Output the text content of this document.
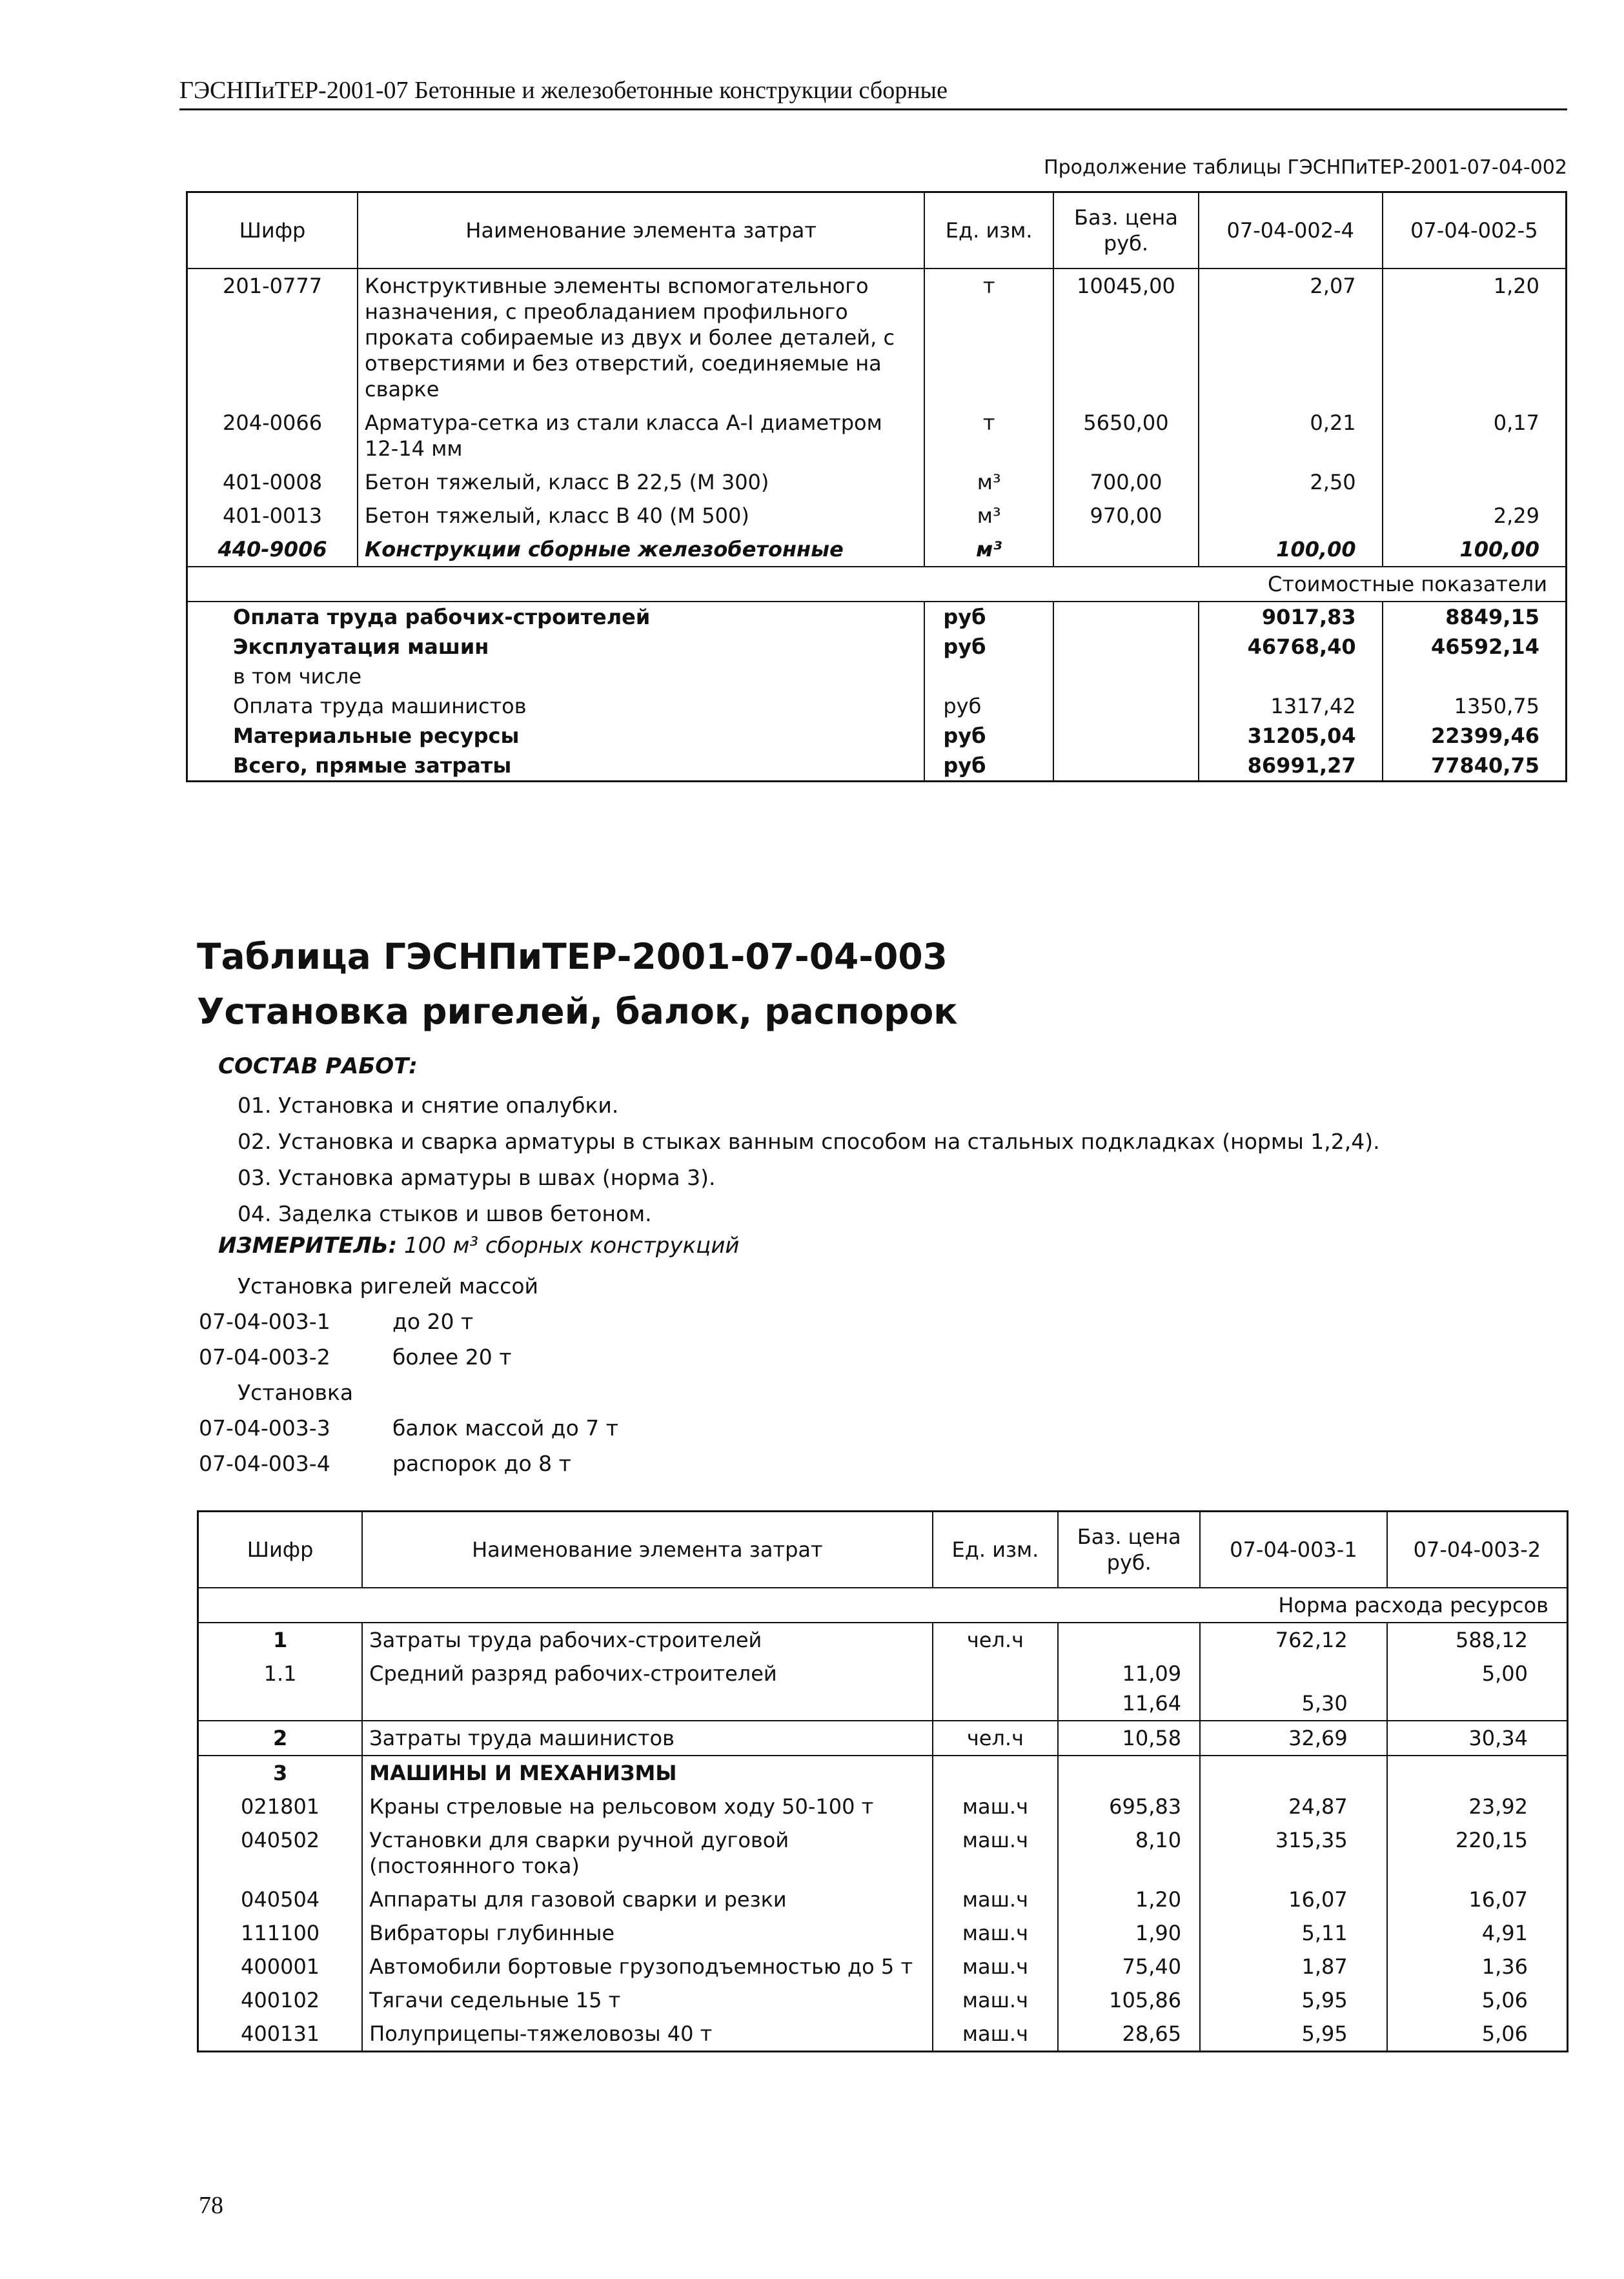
ГЭСНПиТЕР-2001-07 Бетонные и железобетонные конструкции сборные
Продолжение таблицы ГЭСНПиТЕР-2001-07-04-002
Шифр	Наименование элемента затрат	Ед. изм.	Баз. цена руб.	07-04-002-4	07-04-002-5
201-0777	Конструктивные элементы вспомогательного назначения, с преобладанием профильного проката собираемые из двух и более деталей, с отверстиями и без отверстий, соединяемые на сварке	т	10045,00	2,07	1,20
204-0066	Арматура-сетка из стали класса А-I диаметром 12-14 мм	т	5650,00	0,21	0,17
401-0008	Бетон тяжелый, класс В 22,5 (М 300)	м³	700,00	2,50	
401-0013	Бетон тяжелый, класс В 40 (М 500)	м³	970,00		2,29
440-9006	Конструкции сборные железобетонные	м³		100,00	100,00
Стоимостные показатели					
Оплата труда рабочих-строителей		руб		9017,83	8849,15
Эксплуатация машин		руб		46768,40	46592,14
в том числе					
Оплата труда машинистов		руб		1317,42	1350,75
Материальные ресурсы		руб		31205,04	22399,46
Всего, прямые затраты		руб		86991,27	77840,75
Таблица ГЭСНПиТЕР-2001-07-04-003
Установка ригелей, балок, распорок
СОСТАВ РАБОТ:
01. Установка и снятие опалубки.
02. Установка и сварка арматуры в стыках ванным способом на стальных подкладках (нормы 1,2,4).
03. Установка арматуры в швах (норма 3).
04. Заделка стыков и швов бетоном.
ИЗМЕРИТЕЛЬ: 100 м³ сборных конструкций
Установка ригелей массой
07-04-003-1	до 20 т
07-04-003-2	более 20 т
Установка
07-04-003-3	балок массой до 7 т
07-04-003-4	распорок до 8 т
Шифр	Наименование элемента затрат	Ед. изм.	Баз. цена руб.	07-04-003-1	07-04-003-2
Норма расхода ресурсов					
1	Затраты труда рабочих-строителей	чел.ч		762,12	588,12
1.1	Средний разряд рабочих-строителей		11,09		5,00
			11,64	5,30	
2	Затраты труда машинистов	чел.ч	10,58	32,69	30,34
3	МАШИНЫ И МЕХАНИЗМЫ				
021801	Краны стреловые на рельсовом ходу 50-100 т	маш.ч	695,83	24,87	23,92
040502	Установки для сварки ручной дуговой (постоянного тока)	маш.ч	8,10	315,35	220,15
040504	Аппараты для газовой сварки и резки	маш.ч	1,20	16,07	16,07
111100	Вибраторы глубинные	маш.ч	1,90	5,11	4,91
400001	Автомобили бортовые грузоподъемностью до 5 т	маш.ч	75,40	1,87	1,36
400102	Тягачи седельные 15 т	маш.ч	105,86	5,95	5,06
400131	Полуприцепы-тяжеловозы 40 т	маш.ч	28,65	5,95	5,06
78
